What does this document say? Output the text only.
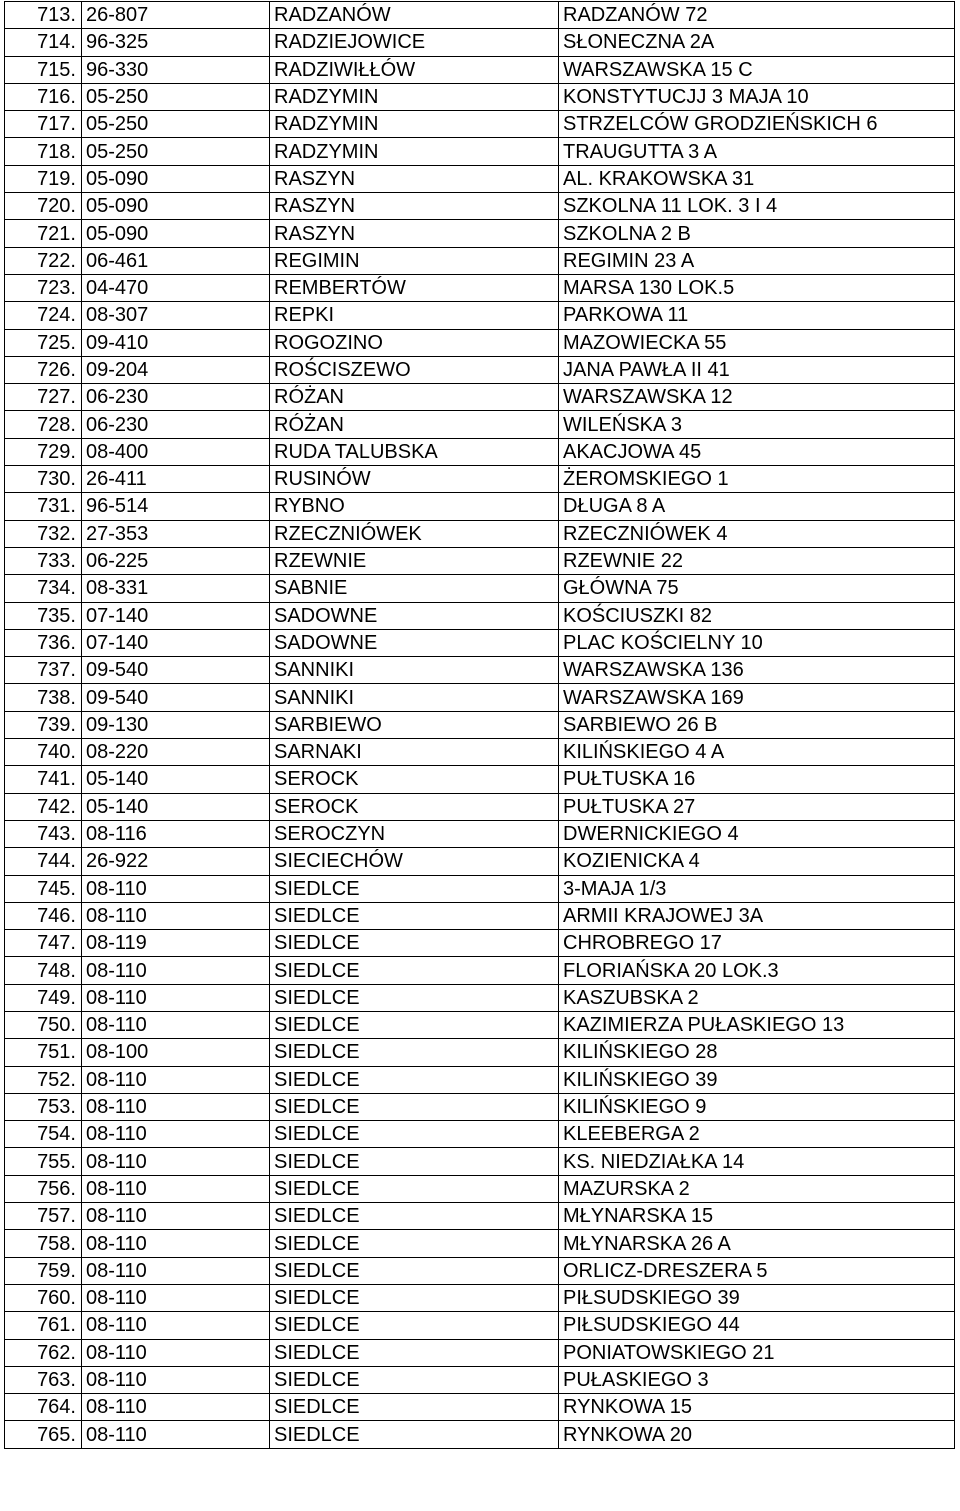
713.	26-807	RADZANÓW	RADZANÓW 72
714.	96-325	RADZIEJOWICE	SŁONECZNA 2A
715.	96-330	RADZIWIŁŁÓW	WARSZAWSKA 15 C
716.	05-250	RADZYMIN	KONSTYTUCJJ 3 MAJA 10
717.	05-250	RADZYMIN	STRZELCÓW GRODZIEŃSKICH 6
718.	05-250	RADZYMIN	TRAUGUTTA 3 A
719.	05-090	RASZYN	AL. KRAKOWSKA 31
720.	05-090	RASZYN	SZKOLNA 11 LOK. 3 I 4
721.	05-090	RASZYN	SZKOLNA 2 B
722.	06-461	REGIMIN	REGIMIN 23 A
723.	04-470	REMBERTÓW	MARSA 130 LOK.5
724.	08-307	REPKI	PARKOWA 11
725.	09-410	ROGOZINO	MAZOWIECKA 55
726.	09-204	ROŚCISZEWO	JANA PAWŁA II 41
727.	06-230	RÓŻAN	WARSZAWSKA 12
728.	06-230	RÓŻAN	WILEŃSKA 3
729.	08-400	RUDA TALUBSKA	AKACJOWA 45
730.	26-411	RUSINÓW	ŻEROMSKIEGO 1
731.	96-514	RYBNO	DŁUGA 8 A
732.	27-353	RZECZNIÓWEK	RZECZNIÓWEK 4
733.	06-225	RZEWNIE	RZEWNIE 22
734.	08-331	SABNIE	GŁÓWNA 75
735.	07-140	SADOWNE	KOŚCIUSZKI 82
736.	07-140	SADOWNE	PLAC KOŚCIELNY 10
737.	09-540	SANNIKI	WARSZAWSKA 136
738.	09-540	SANNIKI	WARSZAWSKA 169
739.	09-130	SARBIEWO	SARBIEWO 26 B
740.	08-220	SARNAKI	KILIŃSKIEGO 4 A
741.	05-140	SEROCK	PUŁTUSKA 16
742.	05-140	SEROCK	PUŁTUSKA 27
743.	08-116	SEROCZYN	DWERNICKIEGO 4
744.	26-922	SIECIECHÓW	KOZIENICKA 4
745.	08-110	SIEDLCE	3-MAJA 1/3
746.	08-110	SIEDLCE	ARMII KRAJOWEJ 3A
747.	08-119	SIEDLCE	CHROBREGO 17
748.	08-110	SIEDLCE	FLORIAŃSKA 20 LOK.3
749.	08-110	SIEDLCE	KASZUBSKA 2
750.	08-110	SIEDLCE	KAZIMIERZA PUŁASKIEGO 13
751.	08-100	SIEDLCE	KILIŃSKIEGO 28
752.	08-110	SIEDLCE	KILIŃSKIEGO 39
753.	08-110	SIEDLCE	KILIŃSKIEGO 9
754.	08-110	SIEDLCE	KLEEBERGA 2
755.	08-110	SIEDLCE	KS. NIEDZIAŁKA 14
756.	08-110	SIEDLCE	MAZURSKA 2
757.	08-110	SIEDLCE	MŁYNARSKA 15
758.	08-110	SIEDLCE	MŁYNARSKA 26 A
759.	08-110	SIEDLCE	ORLICZ-DRESZERA 5
760.	08-110	SIEDLCE	PIŁSUDSKIEGO 39
761.	08-110	SIEDLCE	PIŁSUDSKIEGO 44
762.	08-110	SIEDLCE	PONIATOWSKIEGO 21
763.	08-110	SIEDLCE	PUŁASKIEGO 3
764.	08-110	SIEDLCE	RYNKOWA 15
765.	08-110	SIEDLCE	RYNKOWA 20
